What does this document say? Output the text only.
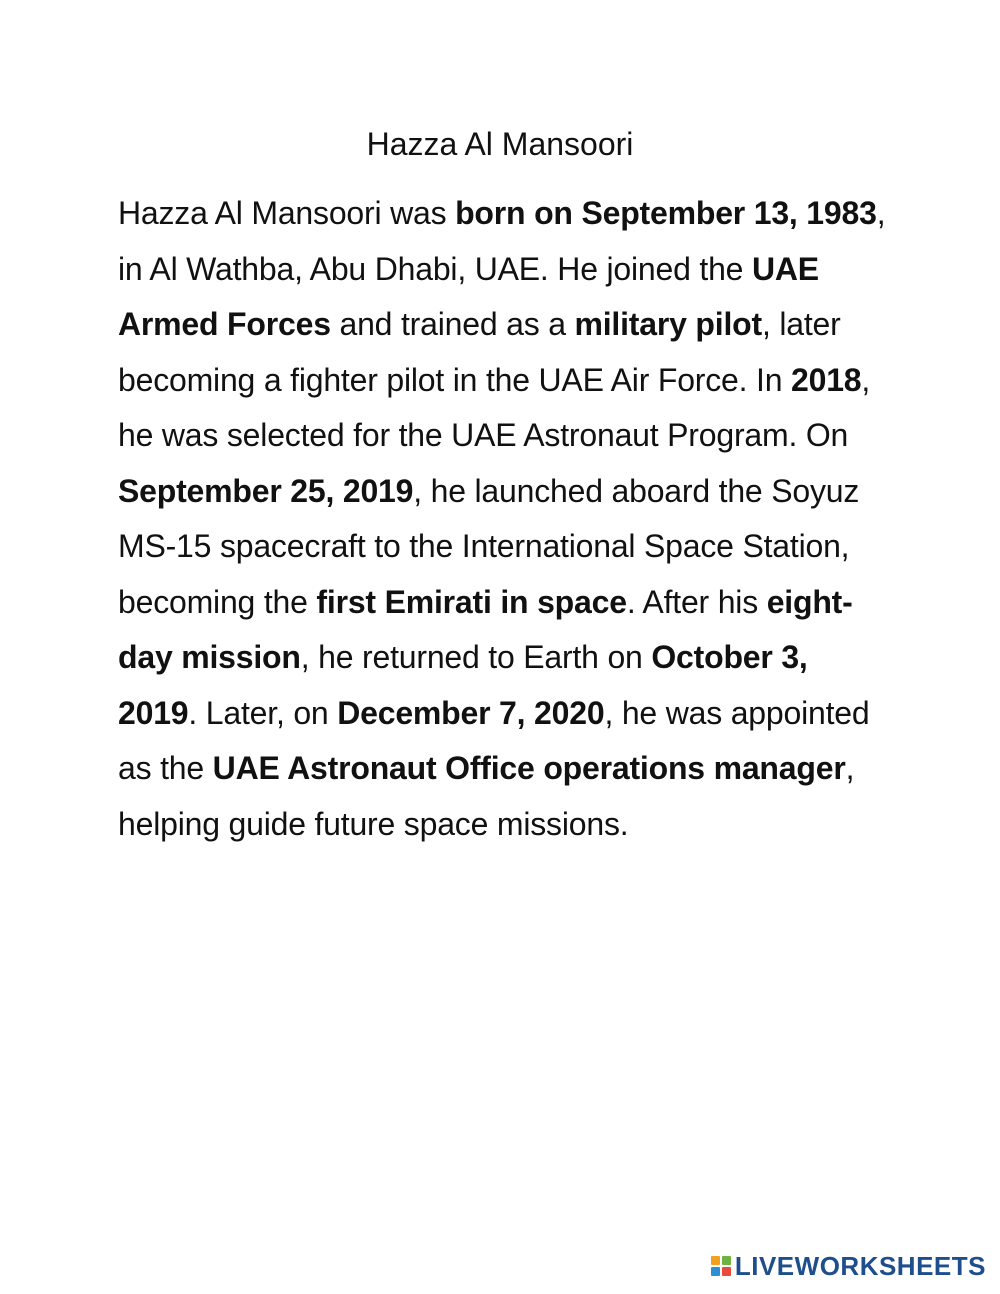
Hazza Al Mansoori

Hazza Al Mansoori was born on September 13, 1983, in Al Wathba, Abu Dhabi, UAE. He joined the UAE Armed Forces and trained as a military pilot, later becoming a fighter pilot in the UAE Air Force. In 2018, he was selected for the UAE Astronaut Program. On September 25, 2019, he launched aboard the Soyuz MS-15 spacecraft to the International Space Station, becoming the first Emirati in space. After his eight-day mission, he returned to Earth on October 3, 2019. Later, on December 7, 2020, he was appointed as the UAE Astronaut Office operations manager, helping guide future space missions.

LIVEWORKSHEETS
